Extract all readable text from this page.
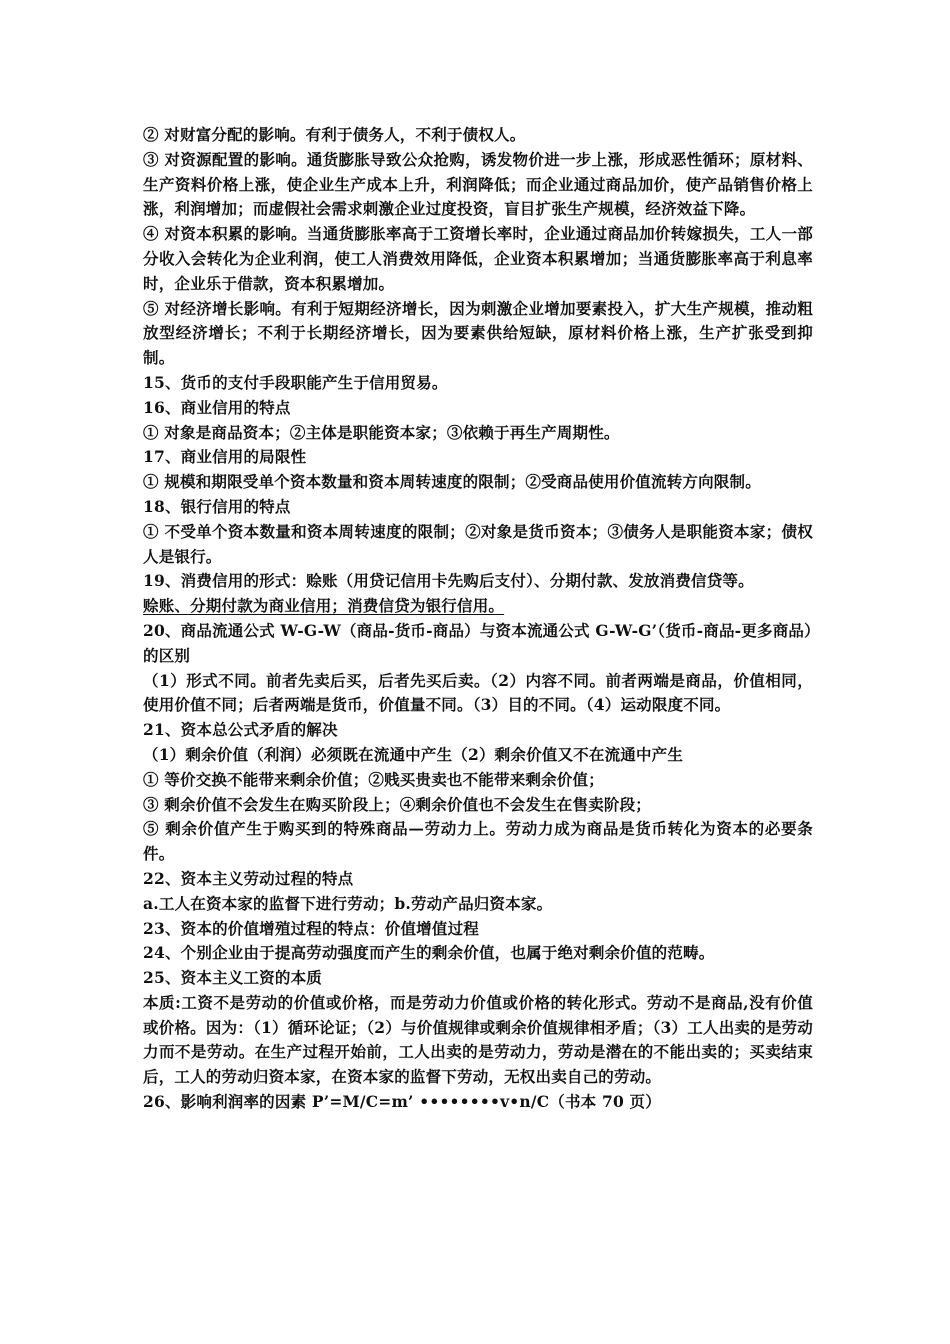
② 对财富分配的影响。有利于债务人，不利于债权人。

③ 对资源配置的影响。通货膨胀导致公众抢购，诱发物价进一步上涨，形成恶性循环；原材料、生产资料价格上涨，使企业生产成本上升，利润降低；而企业通过商品加价，使产品销售价格上涨，利润增加；而虚假社会需求刺激企业过度投资，盲目扩张生产规模，经济效益下降。

④ 对资本积累的影响。当通货膨胀率高于工资增长率时，企业通过商品加价转嫁损失，工人一部分收入会转化为企业利润，使工人消费效用降低，企业资本积累增加；当通货膨胀率高于利息率时，企业乐于借款，资本积累增加。

⑤ 对经济增长影响。有利于短期经济增长，因为刺激企业增加要素投入，扩大生产规模，推动粗放型经济增长；不利于长期经济增长，因为要素供给短缺，原材料价格上涨，生产扩张受到抑制。

15、货币的支付手段职能产生于信用贸易。

16、商业信用的特点

① 对象是商品资本；②主体是职能资本家；③依赖于再生产周期性。

17、商业信用的局限性

① 规模和期限受单个资本数量和资本周转速度的限制；②受商品使用价值流转方向限制。

18、银行信用的特点

① 不受单个资本数量和资本周转速度的限制；②对象是货币资本；③债务人是职能资本家；债权人是银行。

19、消费信用的形式：赊账（用贷记信用卡先购后支付）、分期付款、发放消费信贷等。

赊账、分期付款为商业信用；消费信贷为银行信用。

20、商品流通公式 W-G-W（商品-货币-商品）与资本流通公式 G-W-G’（货币-商品-更多商品）的区别

（1）形式不同。前者先卖后买，后者先买后卖。（2）内容不同。前者两端是商品，价值相同，使用价值不同；后者两端是货币，价值量不同。（3）目的不同。（4）运动限度不同。

21、资本总公式矛盾的解决

（1）剩余价值（利润）必须既在流通中产生（2）剩余价值又不在流通中产生

① 等价交换不能带来剩余价值；②贱买贵卖也不能带来剩余价值；

③ 剩余价值不会发生在购买阶段上；④剩余价值也不会发生在售卖阶段；

⑤ 剩余价值产生于购买到的特殊商品—劳动力上。劳动力成为商品是货币转化为资本的必要条件。

22、资本主义劳动过程的特点

a.工人在资本家的监督下进行劳动；b.劳动产品归资本家。

23、资本的价值增殖过程的特点：价值增值过程

24、个别企业由于提高劳动强度而产生的剩余价值，也属于绝对剩余价值的范畴。

25、资本主义工资的本质

本质:工资不是劳动的价值或价格，而是劳动力价值或价格的转化形式。劳动不是商品,没有价值或价格。因为：（1）循环论证；（2）与价值规律或剩余价值规律相矛盾；（3）工人出卖的是劳动力而不是劳动。在生产过程开始前，工人出卖的是劳动力，劳动是潜在的不能出卖的；买卖结束后，工人的劳动归资本家，在资本家的监督下劳动，无权出卖自己的劳动。

26、影响利润率的因素 P’=M/C=m’ ••••••••v•n/C（书本 70 页）
